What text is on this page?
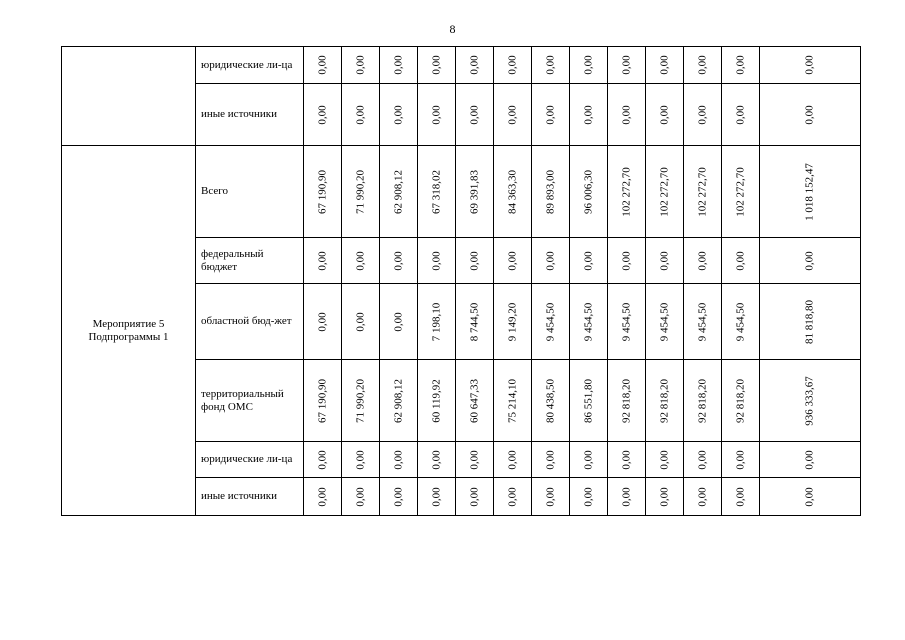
8
	юридические ли-ца	0,00	0,00	0,00	0,00	0,00	0,00	0,00	0,00	0,00	0,00	0,00	0,00	0,00

	иные источники	0,00	0,00	0,00	0,00	0,00	0,00	0,00	0,00	0,00	0,00	0,00	0,00	0,00

Мероприятие 5 Подпрограммы 1	Всего	67 190,90	71 990,20	62 908,12	67 318,02	69 391,83	84 363,30	89 893,00	96 006,30	102 272,70	102 272,70	102 272,70	102 272,70	1 018 152,47

	федеральный бюджет	0,00	0,00	0,00	0,00	0,00	0,00	0,00	0,00	0,00	0,00	0,00	0,00	0,00

	областной бюд-жет	0,00	0,00	0,00	7 198,10	8 744,50	9 149,20	9 454,50	9 454,50	9 454,50	9 454,50	9 454,50	9 454,50	81 818,80

	территориальный фонд ОМС	67 190,90	71 990,20	62 908,12	60 119,92	60 647,33	75 214,10	80 438,50	86 551,80	92 818,20	92 818,20	92 818,20	92 818,20	936 333,67

	юридические ли-ца	0,00	0,00	0,00	0,00	0,00	0,00	0,00	0,00	0,00	0,00	0,00	0,00	0,00

	иные источники	0,00	0,00	0,00	0,00	0,00	0,00	0,00	0,00	0,00	0,00	0,00	0,00	0,00
